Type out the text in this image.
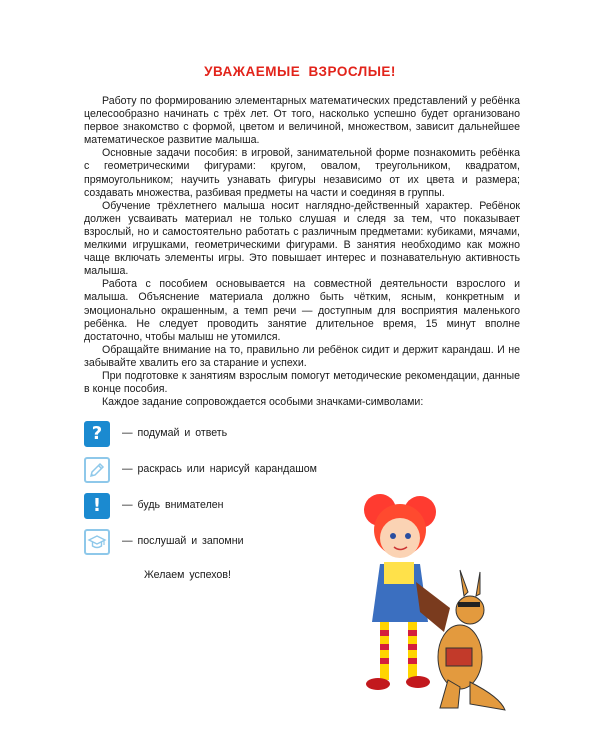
УВАЖАЕМЫЕ ВЗРОСЛЫЕ!

Работу по формированию элементарных математических представлений у ребёнка целесообразно начинать с трёх лет. От того, насколько успешно будет организовано первое знакомство с формой, цветом и величиной, множеством, зависит дальнейшее математическое развитие малыша.

Основные задачи пособия: в игровой, занимательной форме познакомить ребёнка с геометрическими фигурами: кругом, овалом, треугольником, квадратом, прямоугольником; научить узнавать фигуры независимо от их цвета и размера; создавать множества, разбивая предметы на части и соединяя в группы.

Обучение трёхлетнего малыша носит наглядно-действенный характер. Ребёнок должен усваивать материал не только слушая и следя за тем, что показывает взрослый, но и самостоятельно работать с различным предметами: кубиками, мячами, мелкими игрушками, геометрическими фигурами. В занятия необходимо как можно чаще включать элементы игры. Это повышает интерес и познавательную активность малыша.

Работа с пособием основывается на совместной деятельности взрослого и малыша. Объяснение материала должно быть чётким, ясным, конкретным и эмоционально окрашенным, а темп речи — доступным для восприятия маленького ребёнка. Не следует проводить занятие длительное время, 15 минут вполне достаточно, чтобы малыш не утомился.

Обращайте внимание на то, правильно ли ребёнок сидит и держит карандаш. И не забывайте хвалить его за старание и успехи.

При подготовке к занятиям взрослым помогут методические рекомендации, данные в конце пособия.

Каждое задание сопровождается особыми значками-символами:

? — подумай и ответь
— раскрась или нарисуй карандашом
! — будь внимателен
— послушай и запомни
Желаем успехов!
